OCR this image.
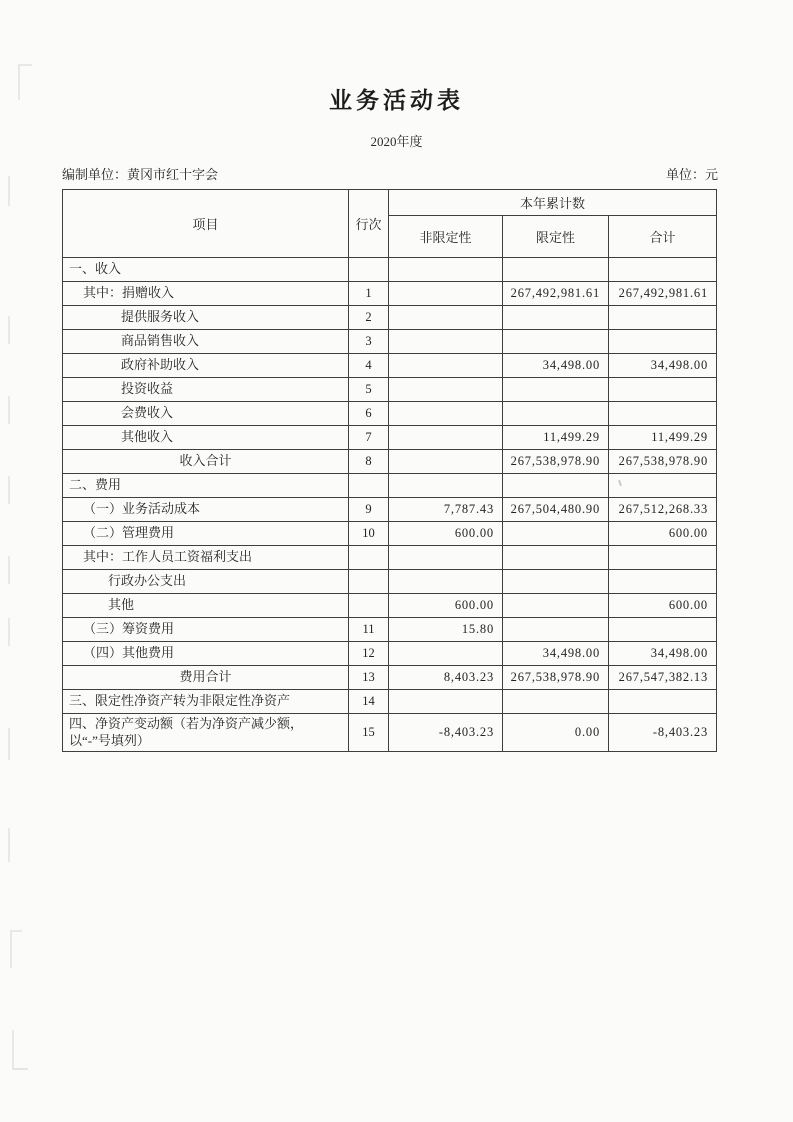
业务活动表
2020年度
编制单位：黄冈市红十字会	单位：元
项目	行次	本年累计数		
		非限定性	限定性	合计
一、收入				
其中：捐赠收入	1		267,492,981.61	267,492,981.61
提供服务收入	2			
商品销售收入	3			
政府补助收入	4		34,498.00	34,498.00
投资收益	5			
会费收入	6			
其他收入	7		11,499.29	11,499.29
收入合计	8		267,538,978.90	267,538,978.90
二、费用				
（一）业务活动成本	9	7,787.43	267,504,480.90	267,512,268.33
（二）管理费用	10	600.00		600.00
其中：工作人员工资福利支出				
行政办公支出				
其他		600.00		600.00
（三）筹资费用	11	15.80		
（四）其他费用	12		34,498.00	34,498.00
费用合计	13	8,403.23	267,538,978.90	267,547,382.13
三、限定性净资产转为非限定性净资产	14			
四、净资产变动额（若为净资产减少额，以“-”号填列）	15	-8,403.23	0.00	-8,403.23
